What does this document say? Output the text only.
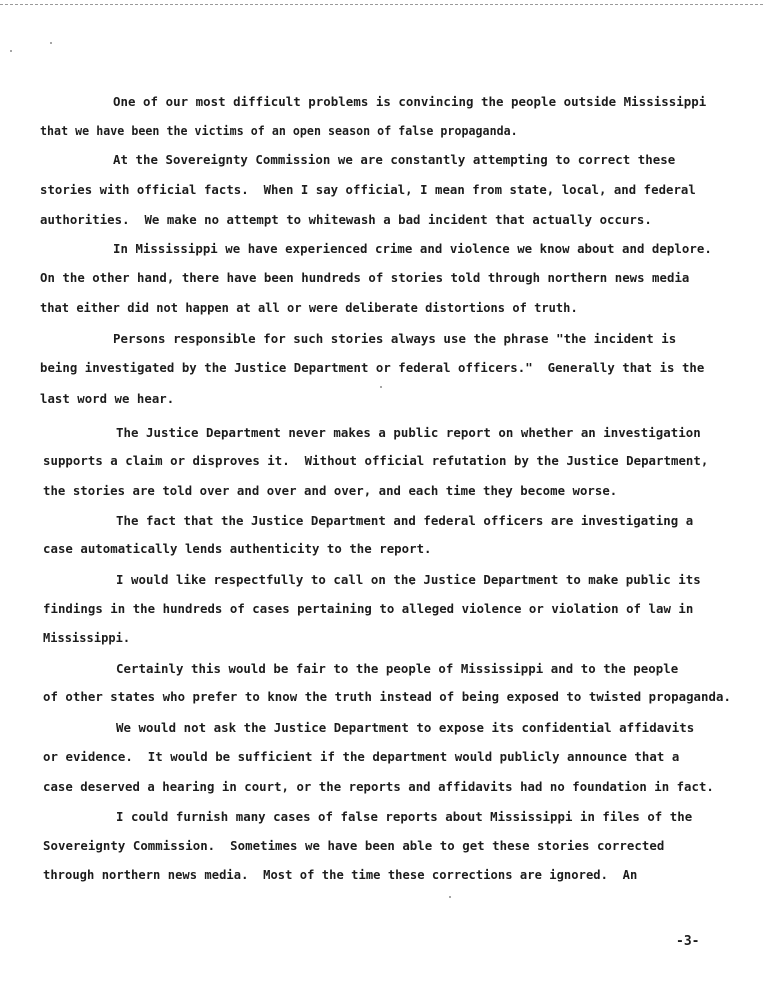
One of our most difficult problems is convincing the people outside Mississippi
that we have been the victims of an open season of false propaganda.
At the Sovereignty Commission we are constantly attempting to correct these
stories with official facts.  When I say official, I mean from state, local, and federal
authorities.  We make no attempt to whitewash a bad incident that actually occurs.
In Mississippi we have experienced crime and violence we know about and deplore.
On the other hand, there have been hundreds of stories told through northern news media
that either did not happen at all or were deliberate distortions of truth.
Persons responsible for such stories always use the phrase "the incident is
being investigated by the Justice Department or federal officers."  Generally that is the
last word we hear.
The Justice Department never makes a public report on whether an investigation
supports a claim or disproves it.  Without official refutation by the Justice Department,
the stories are told over and over and over, and each time they become worse.
The fact that the Justice Department and federal officers are investigating a
case automatically lends authenticity to the report.
I would like respectfully to call on the Justice Department to make public its
findings in the hundreds of cases pertaining to alleged violence or violation of law in
Mississippi.
Certainly this would be fair to the people of Mississippi and to the people
of other states who prefer to know the truth instead of being exposed to twisted propaganda.
We would not ask the Justice Department to expose its confidential affidavits
or evidence.  It would be sufficient if the department would publicly announce that a
case deserved a hearing in court, or the reports and affidavits had no foundation in fact.
I could furnish many cases of false reports about Mississippi in files of the
Sovereignty Commission.  Sometimes we have been able to get these stories corrected
through northern news media.  Most of the time these corrections are ignored.  An
-3-
